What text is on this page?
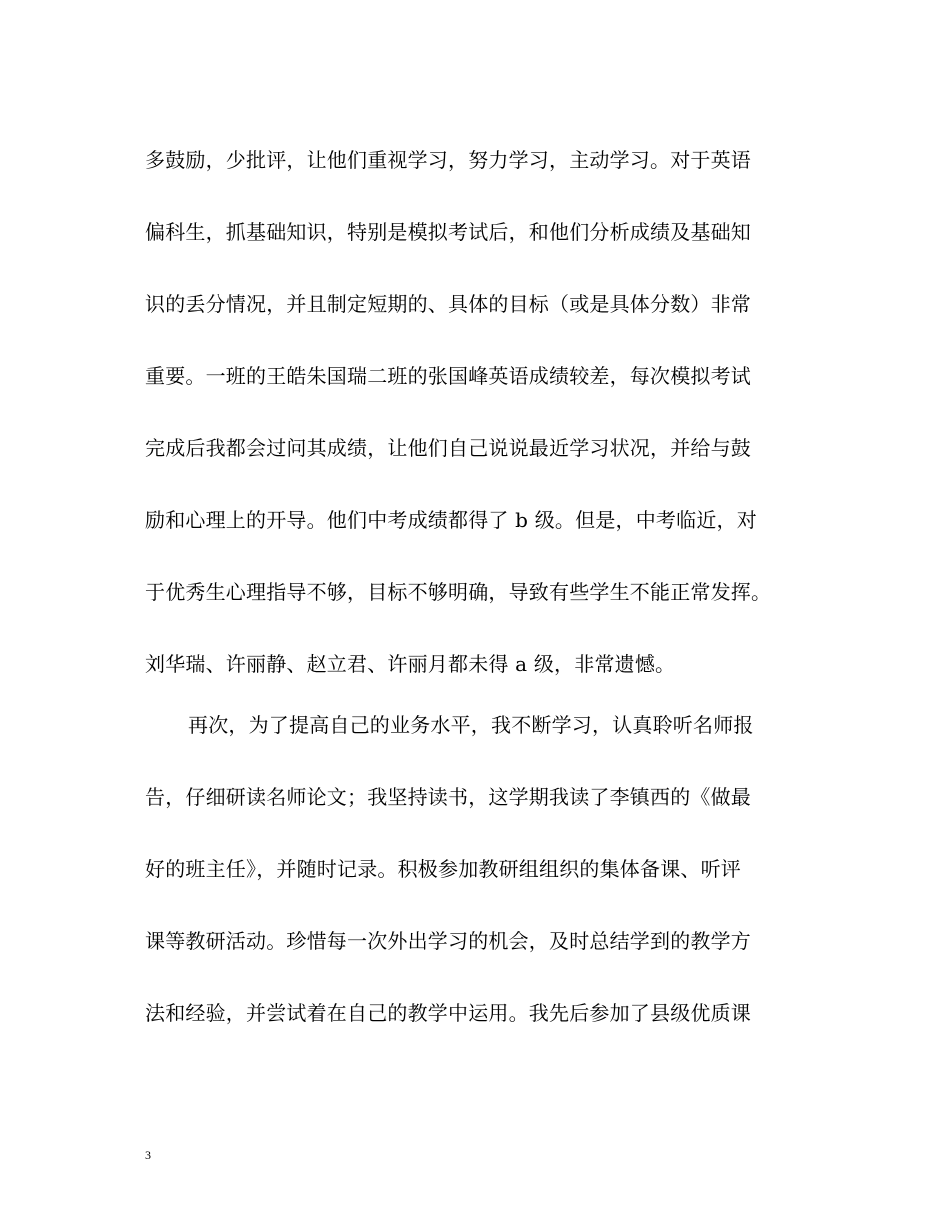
多鼓励，少批评，让他们重视学习，努力学习，主动学习。对于英语
偏科生，抓基础知识，特别是模拟考试后，和他们分析成绩及基础知
识的丢分情况，并且制定短期的、具体的目标（或是具体分数）非常
重要。一班的王皓朱国瑞二班的张国峰英语成绩较差，每次模拟考试
完成后我都会过问其成绩，让他们自己说说最近学习状况，并给与鼓
励和心理上的开导。他们中考成绩都得了 b 级。但是，中考临近，对
于优秀生心理指导不够，目标不够明确，导致有些学生不能正常发挥。
刘华瑞、许丽静、赵立君、许丽月都未得 a 级，非常遗憾。
再次，为了提高自己的业务水平，我不断学习，认真聆听名师报
告，仔细研读名师论文；我坚持读书，这学期我读了李镇西的《做最
好的班主任》，并随时记录。积极参加教研组组织的集体备课、听评
课等教研活动。珍惜每一次外出学习的机会，及时总结学到的教学方
法和经验，并尝试着在自己的教学中运用。我先后参加了县级优质课
3
